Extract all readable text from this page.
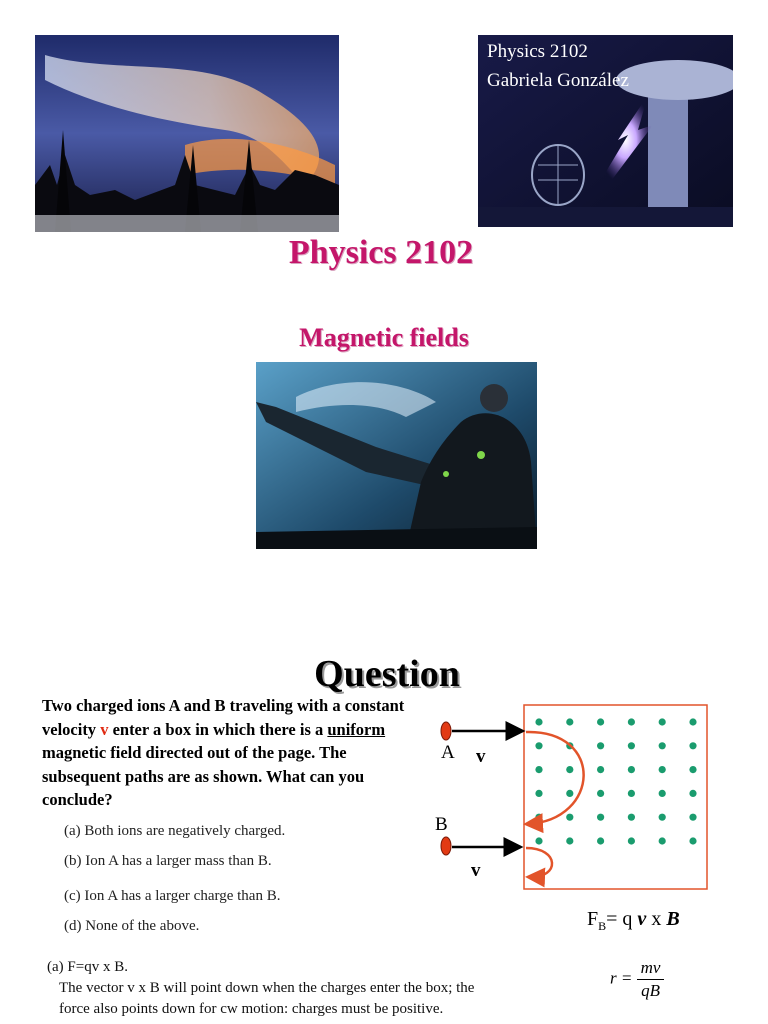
Physics 2102
Gabriela González
Physics 2102
Magnetic fields
Question
Two charged ions A and B traveling with a constant velocity v enter a box in which there is a uniform magnetic field directed out of the page. The subsequent paths are as shown. What can you conclude?
(a) Both ions are negatively charged.
(b) Ion A has a larger mass than B.
(c) Ion A has a larger charge than B.
(d) None of the above.
A v
B
v
$F_B= q$ v x B
$r = \frac{mv}{qB}$
(a) F=qv x B.
The vector v x B will point down when the charges enter the box; the
force also points down for cw motion: charges must be positive.
